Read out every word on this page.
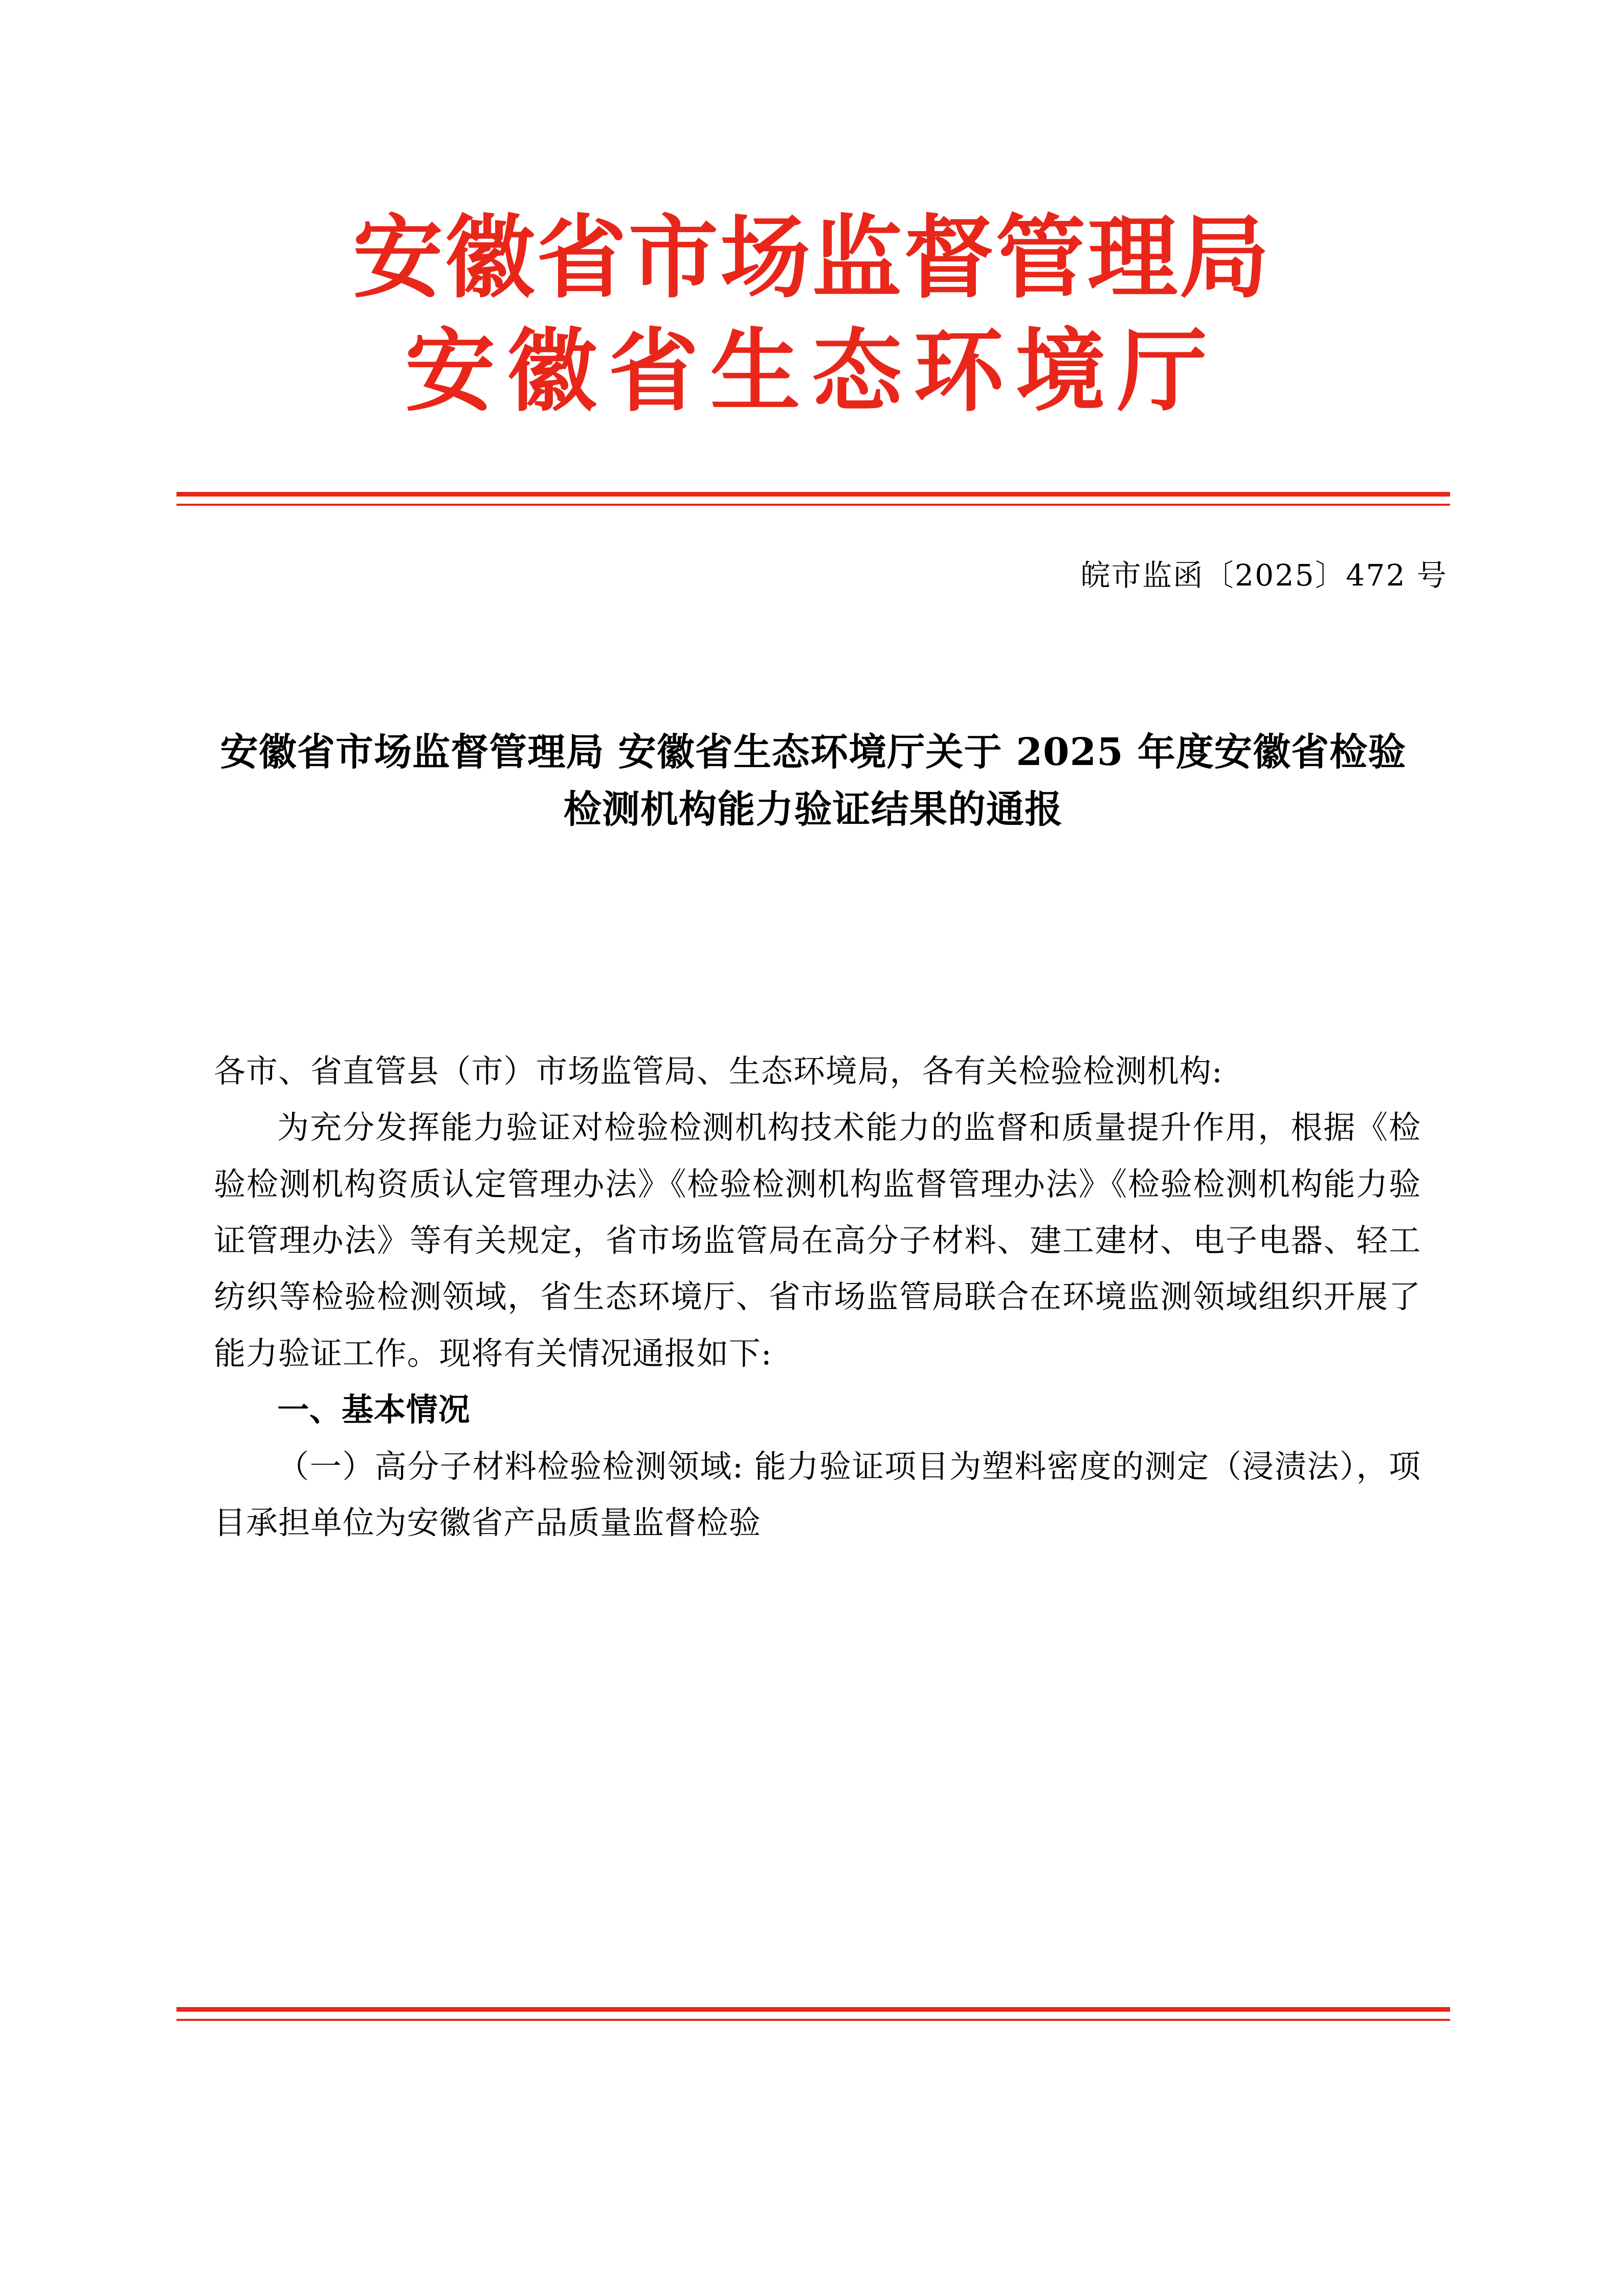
安徽省市场监督管理局
安徽省生态环境厅
皖市监函〔2025〕472 号
安徽省市场监督管理局 安徽省生态环境厅关于 2025 年度安徽省检验检测机构能力验证结果的通报

各市、省直管县（市）市场监管局、生态环境局，各有关检验检测机构:

为充分发挥能力验证对检验检测机构技术能力的监督和质量提升作用，根据《检验检测机构资质认定管理办法》《检验检测机构监督管理办法》《检验检测机构能力验证管理办法》等有关规定，省市场监管局在高分子材料、建工建材、电子电器、轻工纺织等检验检测领域，省生态环境厅、省市场监管局联合在环境监测领域组织开展了能力验证工作。现将有关情况通报如下:

一、基本情况

（一）高分子材料检验检测领域: 能力验证项目为塑料密度的测定（浸渍法），项目承担单位为安徽省产品质量监督检验
